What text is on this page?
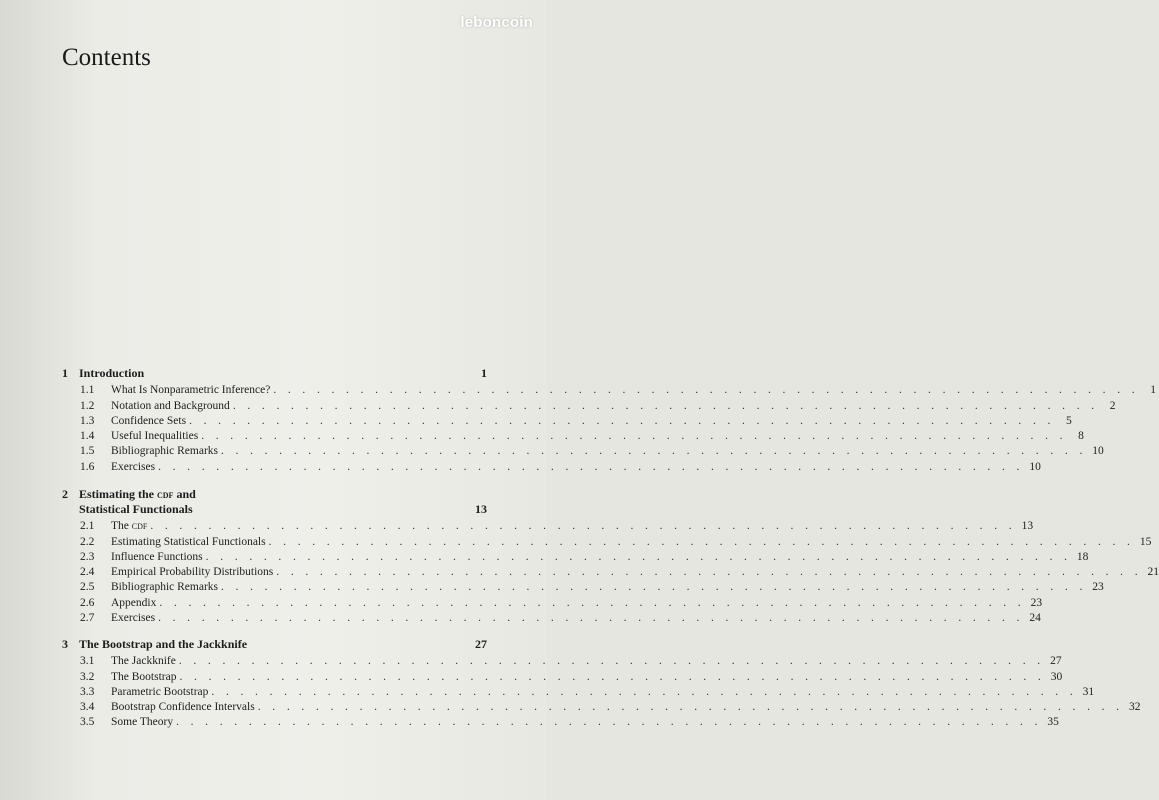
leboncoin
Contents
1 Introduction	1
1.1	What Is Nonparametric Inference? . . . . . . . . . . . . . . . . . . . . . . . . . . . . . . . . . . . . . . . . . . . . . . . . . . . . . . . . . . . . 1
1.2	Notation and Background . . . . . . . . . . . . . . . . . . . . . . . . . . . . . . . . . . . . . . . . . . . . . . . . . . . . . . . . . . . . 2
1.3	Confidence Sets . . . . . . . . . . . . . . . . . . . . . . . . . . . . . . . . . . . . . . . . . . . . . . . . . . . . . . . . . . . . 5
1.4	Useful Inequalities . . . . . . . . . . . . . . . . . . . . . . . . . . . . . . . . . . . . . . . . . . . . . . . . . . . . . . . . . . . . 8
1.5	Bibliographic Remarks . . . . . . . . . . . . . . . . . . . . . . . . . . . . . . . . . . . . . . . . . . . . . . . . . . . . . . . . . . . . 10
1.6	Exercises . . . . . . . . . . . . . . . . . . . . . . . . . . . . . . . . . . . . . . . . . . . . . . . . . . . . . . . . . . . . 10
2 Estimating the cdf and
Statistical Functionals	13
2.1	The cdf . . . . . . . . . . . . . . . . . . . . . . . . . . . . . . . . . . . . . . . . . . . . . . . . . . . . . . . . . . . . 13
2.2	Estimating Statistical Functionals . . . . . . . . . . . . . . . . . . . . . . . . . . . . . . . . . . . . . . . . . . . . . . . . . . . . . . . . . . . . 15
2.3	Influence Functions . . . . . . . . . . . . . . . . . . . . . . . . . . . . . . . . . . . . . . . . . . . . . . . . . . . . . . . . . . . . 18
2.4	Empirical Probability Distributions . . . . . . . . . . . . . . . . . . . . . . . . . . . . . . . . . . . . . . . . . . . . . . . . . . . . . . . . . . . . 21
2.5	Bibliographic Remarks . . . . . . . . . . . . . . . . . . . . . . . . . . . . . . . . . . . . . . . . . . . . . . . . . . . . . . . . . . . . 23
2.6	Appendix . . . . . . . . . . . . . . . . . . . . . . . . . . . . . . . . . . . . . . . . . . . . . . . . . . . . . . . . . . . . 23
2.7	Exercises . . . . . . . . . . . . . . . . . . . . . . . . . . . . . . . . . . . . . . . . . . . . . . . . . . . . . . . . . . . . 24
3 The Bootstrap and the Jackknife	27
3.1	The Jackknife . . . . . . . . . . . . . . . . . . . . . . . . . . . . . . . . . . . . . . . . . . . . . . . . . . . . . . . . . . . . 27
3.2	The Bootstrap . . . . . . . . . . . . . . . . . . . . . . . . . . . . . . . . . . . . . . . . . . . . . . . . . . . . . . . . . . . . 30
3.3	Parametric Bootstrap . . . . . . . . . . . . . . . . . . . . . . . . . . . . . . . . . . . . . . . . . . . . . . . . . . . . . . . . . . . . 31
3.4	Bootstrap Confidence Intervals . . . . . . . . . . . . . . . . . . . . . . . . . . . . . . . . . . . . . . . . . . . . . . . . . . . . . . . . . . . . 32
3.5	Some Theory . . . . . . . . . . . . . . . . . . . . . . . . . . . . . . . . . . . . . . . . . . . . . . . . . . . . . . . . . . . . 35
